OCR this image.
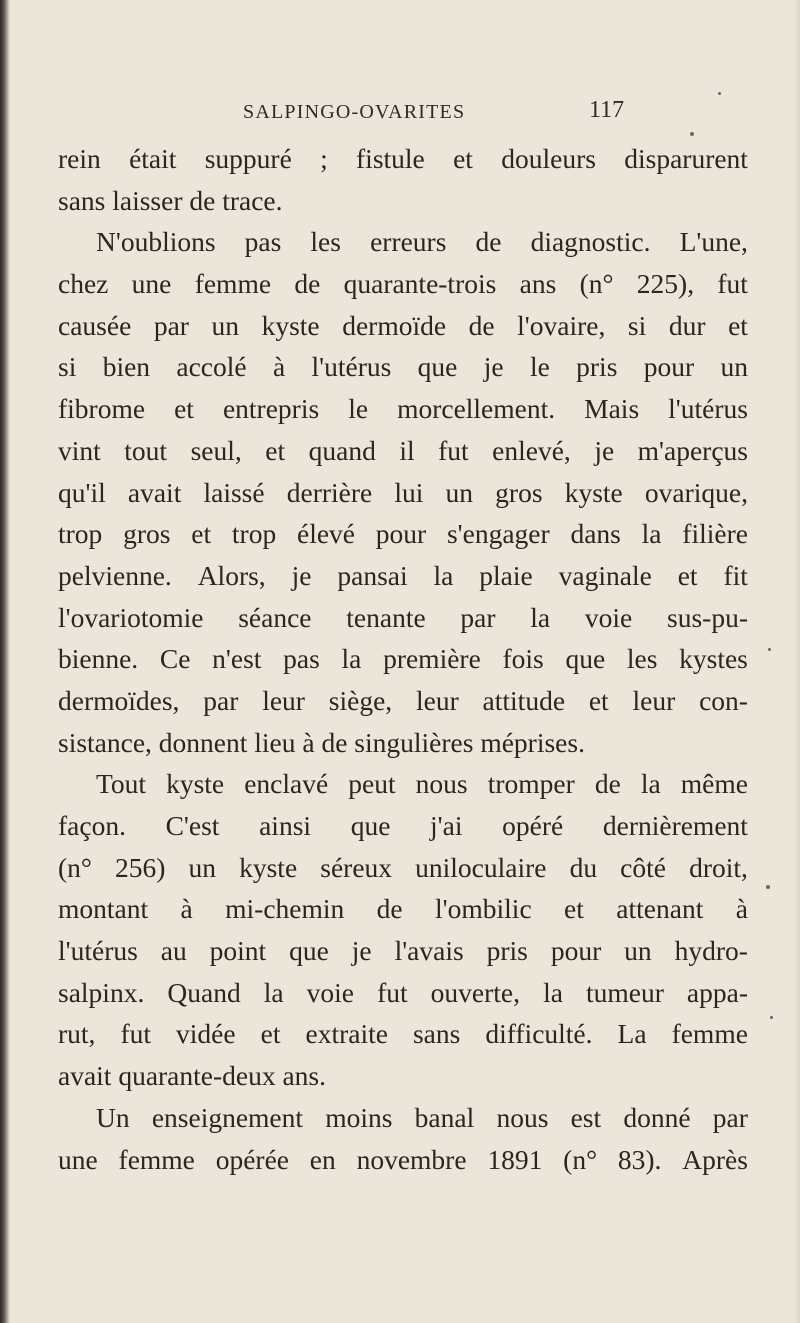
SALPINGO-OVARITES	117
rein était suppuré ; fistule et douleurs disparurent
sans laisser de trace.
N'oublions pas les erreurs de diagnostic. L'une,
chez une femme de quarante-trois ans (n° 225), fut
causée par un kyste dermoïde de l'ovaire, si dur et
si bien accolé à l'utérus que je le pris pour un
fibrome et entrepris le morcellement. Mais l'utérus
vint tout seul, et quand il fut enlevé, je m'aperçus
qu'il avait laissé derrière lui un gros kyste ovarique,
trop gros et trop élevé pour s'engager dans la filière
pelvienne. Alors, je pansai la plaie vaginale et fit
l'ovariotomie séance tenante par la voie sus-pu-
bienne. Ce n'est pas la première fois que les kystes
dermoïdes, par leur siège, leur attitude et leur con-
sistance, donnent lieu à de singulières méprises.
Tout kyste enclavé peut nous tromper de la même
façon. C'est ainsi que j'ai opéré dernièrement
(n° 256) un kyste séreux uniloculaire du côté droit,
montant à mi-chemin de l'ombilic et attenant à
l'utérus au point que je l'avais pris pour un hydro-
salpinx. Quand la voie fut ouverte, la tumeur appa-
rut, fut vidée et extraite sans difficulté. La femme
avait quarante-deux ans.
Un enseignement moins banal nous est donné par
une femme opérée en novembre 1891 (n° 83). Après
